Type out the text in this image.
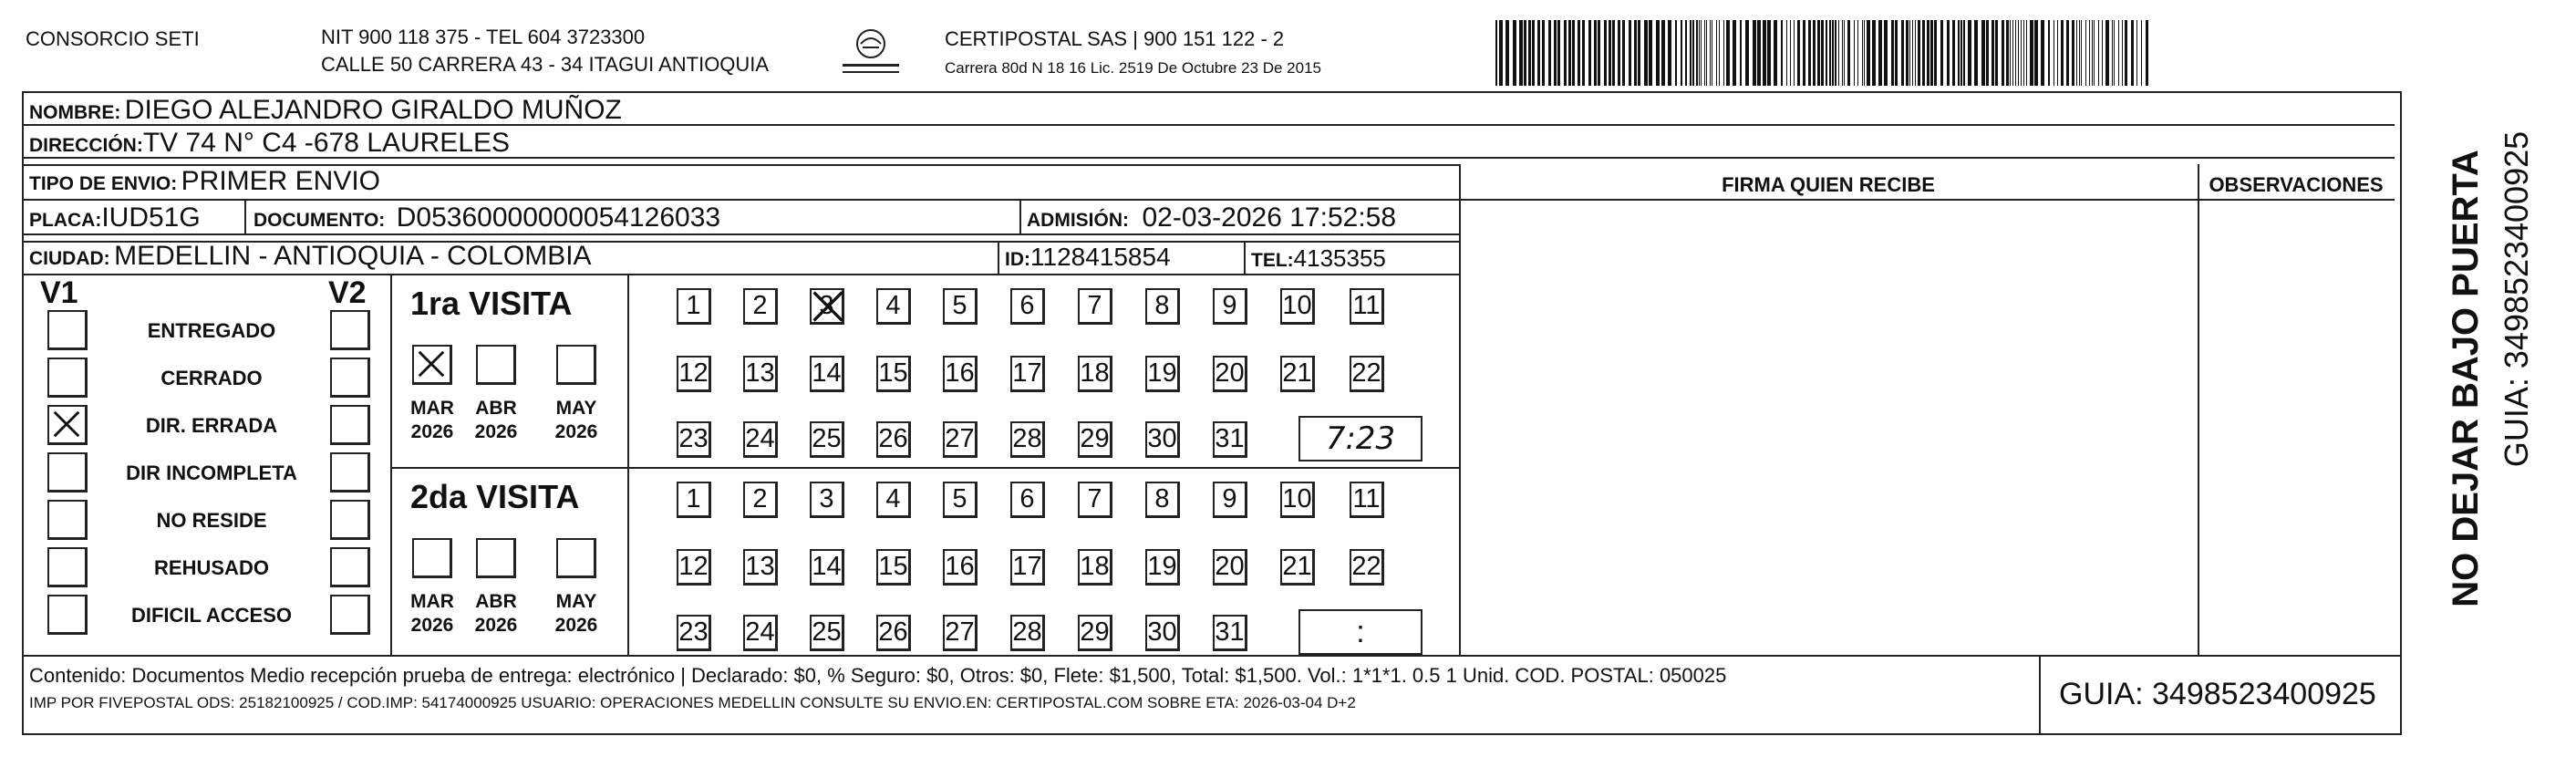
CONSORCIO SETI	NIT 900 118 375 - TEL 604 3723300
CALLE 50 CARRERA 43 - 34 ITAGUI ANTIOQUIA
CERTIPOSTAL SAS | 900 151 122 - 2
Carrera 80d N 18 16 Lic. 2519 De Octubre 23 De 2015
NOMBRE: DIEGO ALEJANDRO GIRALDO MUÑOZ
DIRECCIÓN:TV 74 N° C4 -678 LAURELES
TIPO DE ENVIO: PRIMER ENVIO
PLACA:IUD51G	DOCUMENTO: D05360000000054126033	ADMISIÓN: 02-03-2026 17:52:58
CIUDAD: MEDELLIN - ANTIOQUIA - COLOMBIA	ID:1128415854	TEL:4135355
FIRMA QUIEN RECIBE	OBSERVACIONES
V1	V2
ENTREGADO
CERRADO
DIR. ERRADA
DIR INCOMPLETA
NO RESIDE
REHUSADO
DIFICIL ACCESO
1ra VISITA
MAR
2026
ABR
2026
MAY
2026
1 2 3 4 5 6 7 8 9 10 11
12 13 14 15 16 17 18 19 20 21 22
23 24 25 26 27 28 29 30 31	7:23
2da VISITA
MAR
2026
ABR
2026
MAY
2026
1 2 3 4 5 6 7 8 9 10 11
12 13 14 15 16 17 18 19 20 21 22
23 24 25 26 27 28 29 30 31	:
Contenido: Documentos Medio recepción prueba de entrega: electrónico | Declarado: $0, % Seguro: $0, Otros: $0, Flete: $1,500, Total: $1,500. Vol.: 1*1*1. 0.5 1 Unid. COD. POSTAL: 050025
IMP POR FIVEPOSTAL ODS: 25182100925 / COD.IMP: 54174000925 USUARIO: OPERACIONES MEDELLIN CONSULTE SU ENVIO.EN: CERTIPOSTAL.COM SOBRE ETA: 2026-03-04 D+2	GUIA: 3498523400925
NO DEJAR BAJO PUERTA GUIA: 3498523400925
